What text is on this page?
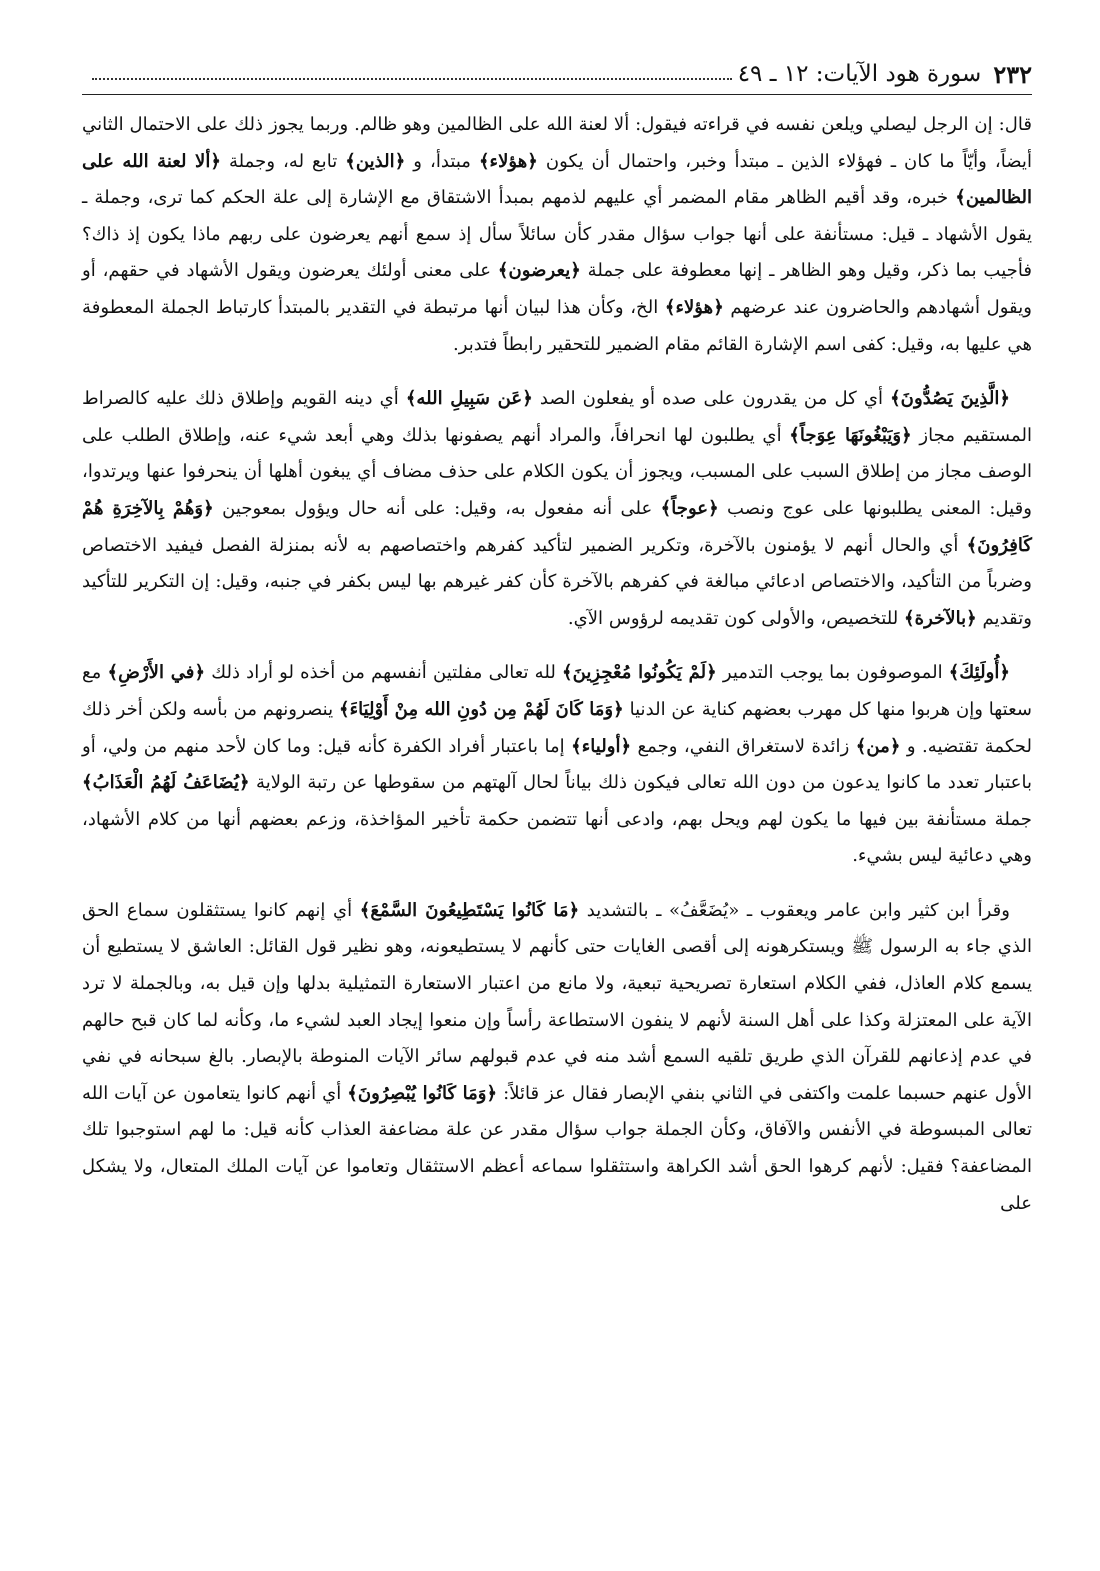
٢٣٢
سورة هود الآيات: ١٢ ـ ٤٩

قال: إن الرجل ليصلي ويلعن نفسه في قراءته فيقول: ألا لعنة الله على الظالمين وهو ظالم. وربما يجوز ذلك على الاحتمال الثاني أيضاً، وأيّاً ما كان ـ فهؤلاء الذين ـ مبتدأ وخبر، واحتمال أن يكون ﴿هؤلاء﴾ مبتدأ، و ﴿الذين﴾ تابع له، وجملة ﴿ألا لعنة الله على الظالمين﴾ خبره، وقد أقيم الظاهر مقام المضمر أي عليهم لذمهم بمبدأ الاشتقاق مع الإشارة إلى علة الحكم كما ترى، وجملة ـ يقول الأشهاد ـ قيل: مستأنفة على أنها جواب سؤال مقدر كأن سائلاً سأل إذ سمع أنهم يعرضون على ربهم ماذا يكون إذ ذاك؟ فأجيب بما ذكر، وقيل وهو الظاهر ـ إنها معطوفة على جملة ﴿يعرضون﴾ على معنى أولئك يعرضون ويقول الأشهاد في حقهم، أو ويقول أشهادهم والحاضرون عند عرضهم ﴿هؤلاء﴾ الخ، وكأن هذا لبيان أنها مرتبطة في التقدير بالمبتدأ كارتباط الجملة المعطوفة هي عليها به، وقيل: كفى اسم الإشارة القائم مقام الضمير للتحقير رابطاً فتدبر.

﴿الَّذِينَ يَصُدُّونَ﴾ أي كل من يقدرون على صده أو يفعلون الصد ﴿عَن سَبِيلِ الله﴾ أي دينه القويم وإطلاق ذلك عليه كالصراط المستقيم مجاز ﴿وَيَبْغُونَهَا عِوَجاً﴾ أي يطلبون لها انحرافاً، والمراد أنهم يصفونها بذلك وهي أبعد شيء عنه، وإطلاق الطلب على الوصف مجاز من إطلاق السبب على المسبب، ويجوز أن يكون الكلام على حذف مضاف أي يبغون أهلها أن ينحرفوا عنها ويرتدوا، وقيل: المعنى يطلبونها على عوج ونصب ﴿عوجاً﴾ على أنه مفعول به، وقيل: على أنه حال ويؤول بمعوجين ﴿وَهُمْ بِالآخِرَةِ هُمْ كَافِرُونَ﴾ أي والحال أنهم لا يؤمنون بالآخرة، وتكرير الضمير لتأكيد كفرهم واختصاصهم به لأنه بمنزلة الفصل فيفيد الاختصاص وضرباً من التأكيد، والاختصاص ادعائي مبالغة في كفرهم بالآخرة كأن كفر غيرهم بها ليس بكفر في جنبه، وقيل: إن التكرير للتأكيد وتقديم ﴿بالآخرة﴾ للتخصيص، والأولى كون تقديمه لرؤوس الآي.

﴿أُولَئِكَ﴾ الموصوفون بما يوجب التدمير ﴿لَمْ يَكُونُوا مُعْجِزِينَ﴾ لله تعالى مفلتين أنفسهم من أخذه لو أراد ذلك ﴿في الأَرْضِ﴾ مع سعتها وإن هربوا منها كل مهرب بعضهم كناية عن الدنيا ﴿وَمَا كَانَ لَهُمْ مِن دُونِ الله مِنْ أَوْلِيَاءَ﴾ ينصرونهم من بأسه ولكن أخر ذلك لحكمة تقتضيه. و ﴿من﴾ زائدة لاستغراق النفي، وجمع ﴿أولياء﴾ إما باعتبار أفراد الكفرة كأنه قيل: وما كان لأحد منهم من ولي، أو باعتبار تعدد ما كانوا يدعون من دون الله تعالى فيكون ذلك بياناً لحال آلهتهم من سقوطها عن رتبة الولاية ﴿يُضَاعَفُ لَهُمُ الْعَذَابُ﴾ جملة مستأنفة بين فيها ما يكون لهم ويحل بهم، وادعى أنها تتضمن حكمة تأخير المؤاخذة، وزعم بعضهم أنها من كلام الأشهاد، وهي دعائية ليس بشيء.

وقرأ ابن كثير وابن عامر ويعقوب ـ «يُضَعَّفُ» ـ بالتشديد ﴿مَا كَانُوا يَسْتَطِيعُونَ السَّمْعَ﴾ أي إنهم كانوا يستثقلون سماع الحق الذي جاء به الرسول ﷺ ويستكرهونه إلى أقصى الغايات حتى كأنهم لا يستطيعونه، وهو نظير قول القائل: العاشق لا يستطيع أن يسمع كلام العاذل، ففي الكلام استعارة تصريحية تبعية، ولا مانع من اعتبار الاستعارة التمثيلية بدلها وإن قيل به، وبالجملة لا ترد الآية على المعتزلة وكذا على أهل السنة لأنهم لا ينفون الاستطاعة رأساً وإن منعوا إيجاد العبد لشيء ما، وكأنه لما كان قبح حالهم في عدم إذعانهم للقرآن الذي طريق تلقيه السمع أشد منه في عدم قبولهم سائر الآيات المنوطة بالإبصار. بالغ سبحانه في نفي الأول عنهم حسبما علمت واكتفى في الثاني بنفي الإبصار فقال عز قائلاً: ﴿وَمَا كَانُوا يُبْصِرُونَ﴾ أي أنهم كانوا يتعامون عن آيات الله تعالى المبسوطة في الأنفس والآفاق، وكأن الجملة جواب سؤال مقدر عن علة مضاعفة العذاب كأنه قيل: ما لهم استوجبوا تلك المضاعفة؟ فقيل: لأنهم كرهوا الحق أشد الكراهة واستثقلوا سماعه أعظم الاستثقال وتعاموا عن آيات الملك المتعال، ولا يشكل على
